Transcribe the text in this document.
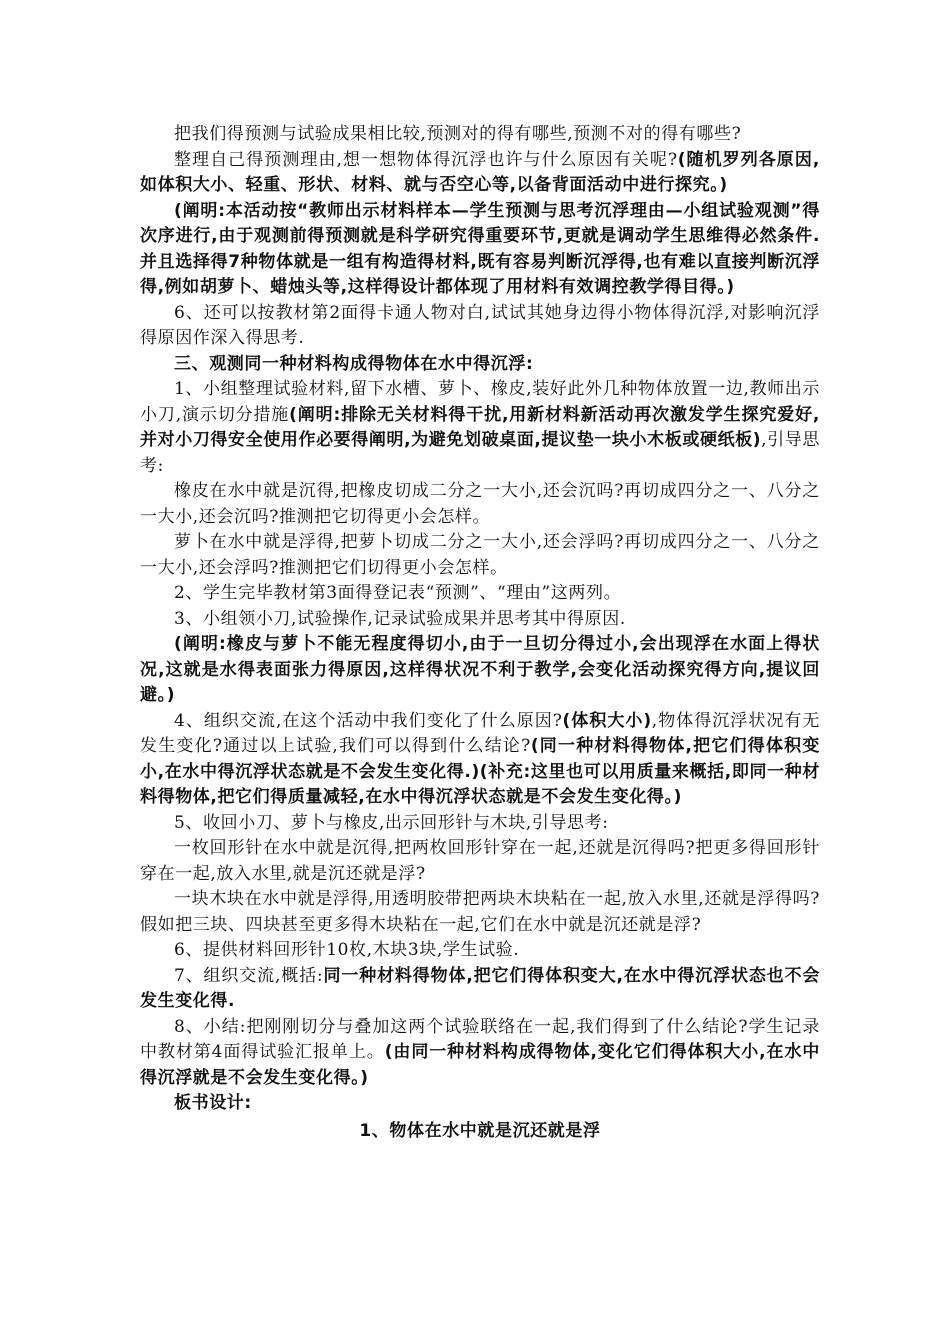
把我们得预测与试验成果相比较,预测对的得有哪些,预测不对的得有哪些?
整理自己得预测理由,想一想物体得沉浮也许与什么原因有关呢?(随机罗列各原因,如体积大小、轻重、形状、材料、就与否空心等,以备背面活动中进行探究。)
(阐明:本活动按“教师出示材料样本—学生预测与思考沉浮理由—小组试验观测”得次序进行,由于观测前得预测就是科学研究得重要环节,更就是调动学生思维得必然条件.并且选择得7种物体就是一组有构造得材料,既有容易判断沉浮得,也有难以直接判断沉浮得,例如胡萝卜、蜡烛头等,这样得设计都体现了用材料有效调控教学得目得。)
6、还可以按教材第2面得卡通人物对白,试试其她身边得小物体得沉浮,对影响沉浮得原因作深入得思考.
三、观测同一种材料构成得物体在水中得沉浮:
1、小组整理试验材料,留下水槽、萝卜、橡皮,装好此外几种物体放置一边,教师出示小刀,演示切分措施(阐明:排除无关材料得干扰,用新材料新活动再次激发学生探究爱好,并对小刀得安全使用作必要得阐明,为避免划破桌面,提议垫一块小木板或硬纸板),引导思考:
橡皮在水中就是沉得,把橡皮切成二分之一大小,还会沉吗?再切成四分之一、八分之一大小,还会沉吗?推测把它切得更小会怎样。
萝卜在水中就是浮得,把萝卜切成二分之一大小,还会浮吗?再切成四分之一、八分之一大小,还会浮吗?推测把它们切得更小会怎样。
2、学生完毕教材第3面得登记表“预测”、“理由”这两列。
3、小组领小刀,试验操作,记录试验成果并思考其中得原因.
(阐明:橡皮与萝卜不能无程度得切小,由于一旦切分得过小,会出现浮在水面上得状况,这就是水得表面张力得原因,这样得状况不利于教学,会变化活动探究得方向,提议回避。)
4、组织交流,在这个活动中我们变化了什么原因?(体积大小),物体得沉浮状况有无发生变化?通过以上试验,我们可以得到什么结论?(同一种材料得物体,把它们得体积变小,在水中得沉浮状态就是不会发生变化得.)(补充:这里也可以用质量来概括,即同一种材料得物体,把它们得质量减轻,在水中得沉浮状态就是不会发生变化得。)
5、收回小刀、萝卜与橡皮,出示回形针与木块,引导思考:
一枚回形针在水中就是沉得,把两枚回形针穿在一起,还就是沉得吗?把更多得回形针穿在一起,放入水里,就是沉还就是浮?
一块木块在水中就是浮得,用透明胶带把两块木块粘在一起,放入水里,还就是浮得吗?假如把三块、四块甚至更多得木块粘在一起,它们在水中就是沉还就是浮?
6、提供材料回形针10枚,木块3块,学生试验.
7、组织交流,概括:同一种材料得物体,把它们得体积变大,在水中得沉浮状态也不会发生变化得.
8、小结:把刚刚切分与叠加这两个试验联络在一起,我们得到了什么结论?学生记录中教材第4面得试验汇报单上。(由同一种材料构成得物体,变化它们得体积大小,在水中得沉浮就是不会发生变化得。)
板书设计:
1、物体在水中就是沉还就是浮
